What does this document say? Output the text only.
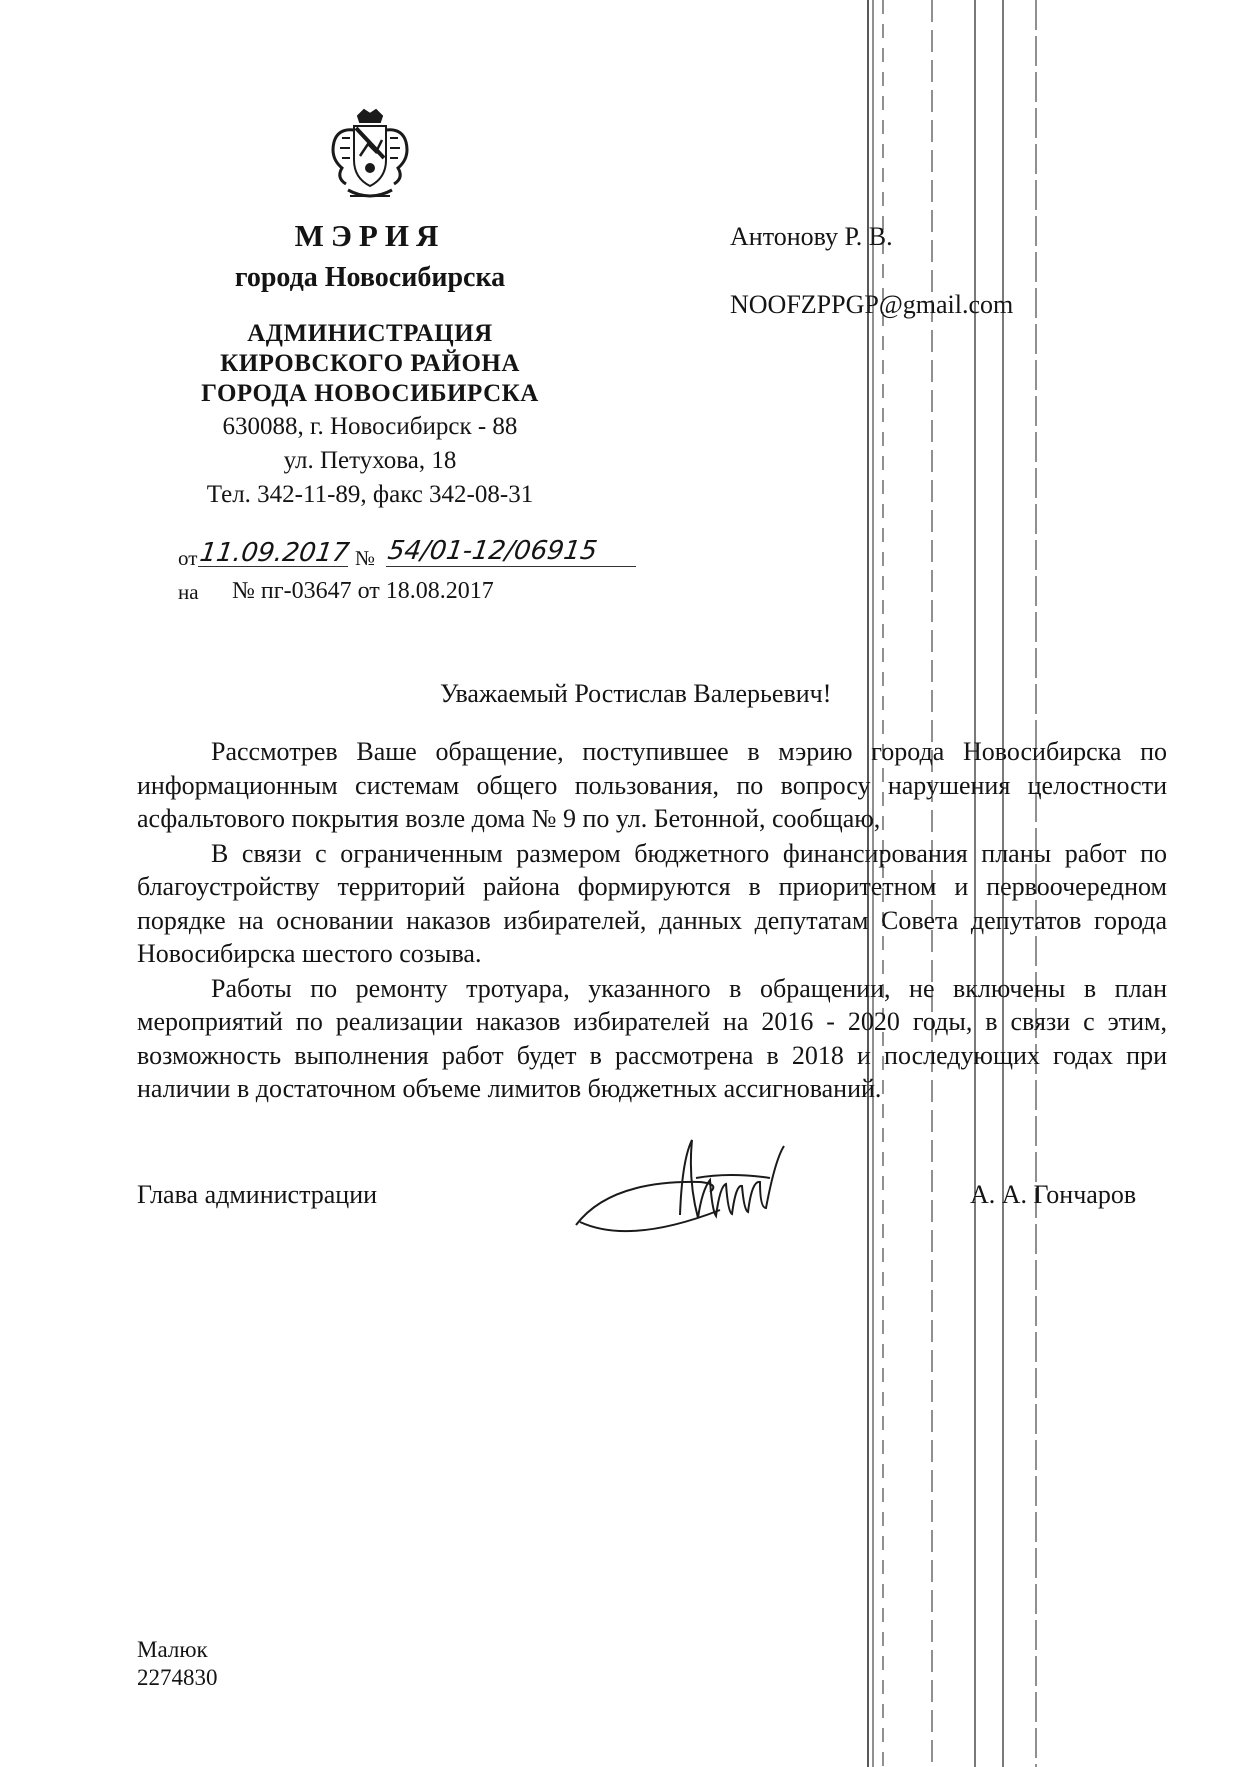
МЭРИЯ
города Новосибирска
АДМИНИСТРАЦИЯ
КИРОВСКОГО РАЙОНА
ГОРОДА НОВОСИБИРСКА
630088, г. Новосибирск - 88
ул. Петухова, 18
Тел. 342-11-89, факс 342-08-31
от 11.09.2017 № 54/01-12/06915
на № пг-03647 от 18.08.2017
Антонову Р. В.
NOOFZPPGP@gmail.com
Уважаемый Ростислав Валерьевич!

Рассмотрев Ваше обращение, поступившее в мэрию города Новосибирска по информационным системам общего пользования, по вопросу нарушения целостности асфальтового покрытия возле дома № 9 по ул. Бетонной, сообщаю,

В связи с ограниченным размером бюджетного финансирования планы работ по благоустройству территорий района формируются в приоритетном и первоочередном порядке на основании наказов избирателей, данных депутатам Совета депутатов города Новосибирска шестого созыва.

Работы по ремонту тротуара, указанного в обращении, не включены в план мероприятий по реализации наказов избирателей на 2016 - 2020 годы, в связи с этим, возможность выполнения работ будет в рассмотрена в 2018 и последующих годах при наличии в достаточном объеме лимитов бюджетных ассигнований.

Глава администрации	А. А. Гончаров
Малюк
2274830
